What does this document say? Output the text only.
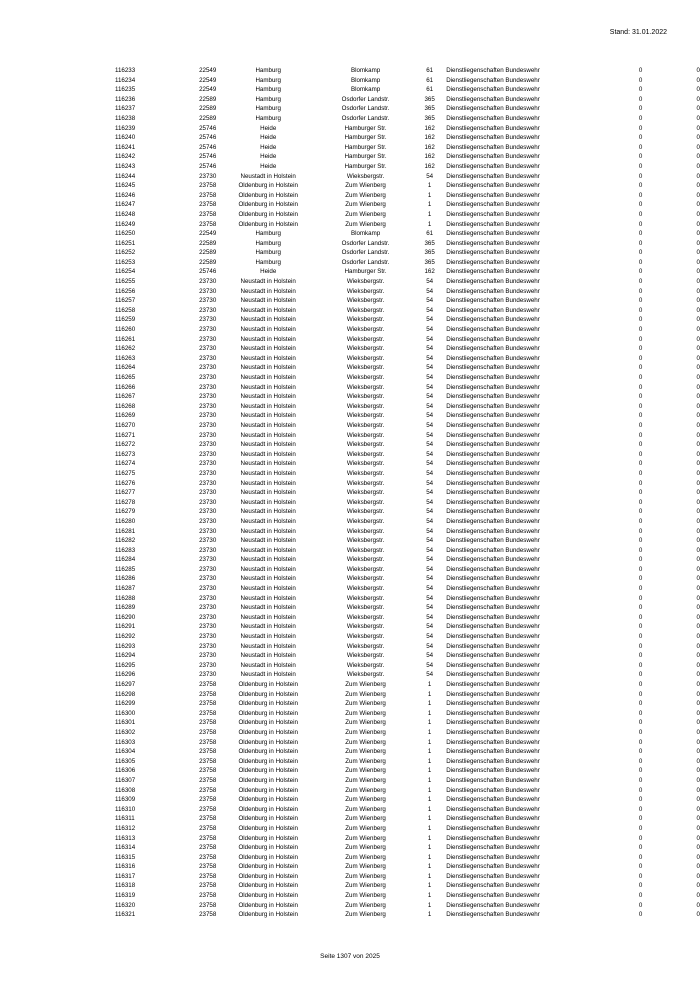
Stand: 31.01.2022
116233	22549	Hamburg	Blomkamp	61	Dienstliegenschaften Bundeswehr	0	0
116234	22549	Hamburg	Blomkamp	61	Dienstliegenschaften Bundeswehr	0	0
116235	22549	Hamburg	Blomkamp	61	Dienstliegenschaften Bundeswehr	0	0
116236	22589	Hamburg	Osdorfer Landstr.	365	Dienstliegenschaften Bundeswehr	0	0
116237	22589	Hamburg	Osdorfer Landstr.	365	Dienstliegenschaften Bundeswehr	0	0
116238	22589	Hamburg	Osdorfer Landstr.	365	Dienstliegenschaften Bundeswehr	0	0
116239	25746	Heide	Hamburger Str.	162	Dienstliegenschaften Bundeswehr	0	0
116240	25746	Heide	Hamburger Str.	162	Dienstliegenschaften Bundeswehr	0	0
116241	25746	Heide	Hamburger Str.	162	Dienstliegenschaften Bundeswehr	0	0
116242	25746	Heide	Hamburger Str.	162	Dienstliegenschaften Bundeswehr	0	0
116243	25746	Heide	Hamburger Str.	162	Dienstliegenschaften Bundeswehr	0	0
116244	23730	Neustadt in Holstein	Wieksbergstr.	54	Dienstliegenschaften Bundeswehr	0	0
116245	23758	Oldenburg in Holstein	Zum Wienberg	1	Dienstliegenschaften Bundeswehr	0	0
116246	23758	Oldenburg in Holstein	Zum Wienberg	1	Dienstliegenschaften Bundeswehr	0	0
116247	23758	Oldenburg in Holstein	Zum Wienberg	1	Dienstliegenschaften Bundeswehr	0	0
116248	23758	Oldenburg in Holstein	Zum Wienberg	1	Dienstliegenschaften Bundeswehr	0	0
116249	23758	Oldenburg in Holstein	Zum Wienberg	1	Dienstliegenschaften Bundeswehr	0	0
116250	22549	Hamburg	Blomkamp	61	Dienstliegenschaften Bundeswehr	0	0
116251	22589	Hamburg	Osdorfer Landstr.	365	Dienstliegenschaften Bundeswehr	0	0
116252	22589	Hamburg	Osdorfer Landstr.	365	Dienstliegenschaften Bundeswehr	0	0
116253	22589	Hamburg	Osdorfer Landstr.	365	Dienstliegenschaften Bundeswehr	0	0
116254	25746	Heide	Hamburger Str.	162	Dienstliegenschaften Bundeswehr	0	0
116255	23730	Neustadt in Holstein	Wieksbergstr.	54	Dienstliegenschaften Bundeswehr	0	0
116256	23730	Neustadt in Holstein	Wieksbergstr.	54	Dienstliegenschaften Bundeswehr	0	0
116257	23730	Neustadt in Holstein	Wieksbergstr.	54	Dienstliegenschaften Bundeswehr	0	0
116258	23730	Neustadt in Holstein	Wieksbergstr.	54	Dienstliegenschaften Bundeswehr	0	0
116259	23730	Neustadt in Holstein	Wieksbergstr.	54	Dienstliegenschaften Bundeswehr	0	0
116260	23730	Neustadt in Holstein	Wieksbergstr.	54	Dienstliegenschaften Bundeswehr	0	0
116261	23730	Neustadt in Holstein	Wieksbergstr.	54	Dienstliegenschaften Bundeswehr	0	0
116262	23730	Neustadt in Holstein	Wieksbergstr.	54	Dienstliegenschaften Bundeswehr	0	0
116263	23730	Neustadt in Holstein	Wieksbergstr.	54	Dienstliegenschaften Bundeswehr	0	0
116264	23730	Neustadt in Holstein	Wieksbergstr.	54	Dienstliegenschaften Bundeswehr	0	0
116265	23730	Neustadt in Holstein	Wieksbergstr.	54	Dienstliegenschaften Bundeswehr	0	0
116266	23730	Neustadt in Holstein	Wieksbergstr.	54	Dienstliegenschaften Bundeswehr	0	0
116267	23730	Neustadt in Holstein	Wieksbergstr.	54	Dienstliegenschaften Bundeswehr	0	0
116268	23730	Neustadt in Holstein	Wieksbergstr.	54	Dienstliegenschaften Bundeswehr	0	0
116269	23730	Neustadt in Holstein	Wieksbergstr.	54	Dienstliegenschaften Bundeswehr	0	0
116270	23730	Neustadt in Holstein	Wieksbergstr.	54	Dienstliegenschaften Bundeswehr	0	0
116271	23730	Neustadt in Holstein	Wieksbergstr.	54	Dienstliegenschaften Bundeswehr	0	0
116272	23730	Neustadt in Holstein	Wieksbergstr.	54	Dienstliegenschaften Bundeswehr	0	0
116273	23730	Neustadt in Holstein	Wieksbergstr.	54	Dienstliegenschaften Bundeswehr	0	0
116274	23730	Neustadt in Holstein	Wieksbergstr.	54	Dienstliegenschaften Bundeswehr	0	0
116275	23730	Neustadt in Holstein	Wieksbergstr.	54	Dienstliegenschaften Bundeswehr	0	0
116276	23730	Neustadt in Holstein	Wieksbergstr.	54	Dienstliegenschaften Bundeswehr	0	0
116277	23730	Neustadt in Holstein	Wieksbergstr.	54	Dienstliegenschaften Bundeswehr	0	0
116278	23730	Neustadt in Holstein	Wieksbergstr.	54	Dienstliegenschaften Bundeswehr	0	0
116279	23730	Neustadt in Holstein	Wieksbergstr.	54	Dienstliegenschaften Bundeswehr	0	0
116280	23730	Neustadt in Holstein	Wieksbergstr.	54	Dienstliegenschaften Bundeswehr	0	0
116281	23730	Neustadt in Holstein	Wieksbergstr.	54	Dienstliegenschaften Bundeswehr	0	0
116282	23730	Neustadt in Holstein	Wieksbergstr.	54	Dienstliegenschaften Bundeswehr	0	0
116283	23730	Neustadt in Holstein	Wieksbergstr.	54	Dienstliegenschaften Bundeswehr	0	0
116284	23730	Neustadt in Holstein	Wieksbergstr.	54	Dienstliegenschaften Bundeswehr	0	0
116285	23730	Neustadt in Holstein	Wieksbergstr.	54	Dienstliegenschaften Bundeswehr	0	0
116286	23730	Neustadt in Holstein	Wieksbergstr.	54	Dienstliegenschaften Bundeswehr	0	0
116287	23730	Neustadt in Holstein	Wieksbergstr.	54	Dienstliegenschaften Bundeswehr	0	0
116288	23730	Neustadt in Holstein	Wieksbergstr.	54	Dienstliegenschaften Bundeswehr	0	0
116289	23730	Neustadt in Holstein	Wieksbergstr.	54	Dienstliegenschaften Bundeswehr	0	0
116290	23730	Neustadt in Holstein	Wieksbergstr.	54	Dienstliegenschaften Bundeswehr	0	0
116291	23730	Neustadt in Holstein	Wieksbergstr.	54	Dienstliegenschaften Bundeswehr	0	0
116292	23730	Neustadt in Holstein	Wieksbergstr.	54	Dienstliegenschaften Bundeswehr	0	0
116293	23730	Neustadt in Holstein	Wieksbergstr.	54	Dienstliegenschaften Bundeswehr	0	0
116294	23730	Neustadt in Holstein	Wieksbergstr.	54	Dienstliegenschaften Bundeswehr	0	0
116295	23730	Neustadt in Holstein	Wieksbergstr.	54	Dienstliegenschaften Bundeswehr	0	0
116296	23730	Neustadt in Holstein	Wieksbergstr.	54	Dienstliegenschaften Bundeswehr	0	0
116297	23758	Oldenburg in Holstein	Zum Wienberg	1	Dienstliegenschaften Bundeswehr	0	0
116298	23758	Oldenburg in Holstein	Zum Wienberg	1	Dienstliegenschaften Bundeswehr	0	0
116299	23758	Oldenburg in Holstein	Zum Wienberg	1	Dienstliegenschaften Bundeswehr	0	0
116300	23758	Oldenburg in Holstein	Zum Wienberg	1	Dienstliegenschaften Bundeswehr	0	0
116301	23758	Oldenburg in Holstein	Zum Wienberg	1	Dienstliegenschaften Bundeswehr	0	0
116302	23758	Oldenburg in Holstein	Zum Wienberg	1	Dienstliegenschaften Bundeswehr	0	0
116303	23758	Oldenburg in Holstein	Zum Wienberg	1	Dienstliegenschaften Bundeswehr	0	0
116304	23758	Oldenburg in Holstein	Zum Wienberg	1	Dienstliegenschaften Bundeswehr	0	0
116305	23758	Oldenburg in Holstein	Zum Wienberg	1	Dienstliegenschaften Bundeswehr	0	0
116306	23758	Oldenburg in Holstein	Zum Wienberg	1	Dienstliegenschaften Bundeswehr	0	0
116307	23758	Oldenburg in Holstein	Zum Wienberg	1	Dienstliegenschaften Bundeswehr	0	0
116308	23758	Oldenburg in Holstein	Zum Wienberg	1	Dienstliegenschaften Bundeswehr	0	0
116309	23758	Oldenburg in Holstein	Zum Wienberg	1	Dienstliegenschaften Bundeswehr	0	0
116310	23758	Oldenburg in Holstein	Zum Wienberg	1	Dienstliegenschaften Bundeswehr	0	0
116311	23758	Oldenburg in Holstein	Zum Wienberg	1	Dienstliegenschaften Bundeswehr	0	0
116312	23758	Oldenburg in Holstein	Zum Wienberg	1	Dienstliegenschaften Bundeswehr	0	0
116313	23758	Oldenburg in Holstein	Zum Wienberg	1	Dienstliegenschaften Bundeswehr	0	0
116314	23758	Oldenburg in Holstein	Zum Wienberg	1	Dienstliegenschaften Bundeswehr	0	0
116315	23758	Oldenburg in Holstein	Zum Wienberg	1	Dienstliegenschaften Bundeswehr	0	0
116316	23758	Oldenburg in Holstein	Zum Wienberg	1	Dienstliegenschaften Bundeswehr	0	0
116317	23758	Oldenburg in Holstein	Zum Wienberg	1	Dienstliegenschaften Bundeswehr	0	0
116318	23758	Oldenburg in Holstein	Zum Wienberg	1	Dienstliegenschaften Bundeswehr	0	0
116319	23758	Oldenburg in Holstein	Zum Wienberg	1	Dienstliegenschaften Bundeswehr	0	0
116320	23758	Oldenburg in Holstein	Zum Wienberg	1	Dienstliegenschaften Bundeswehr	0	0
116321	23758	Oldenburg in Holstein	Zum Wienberg	1	Dienstliegenschaften Bundeswehr	0	0
Seite 1307 von 2025
